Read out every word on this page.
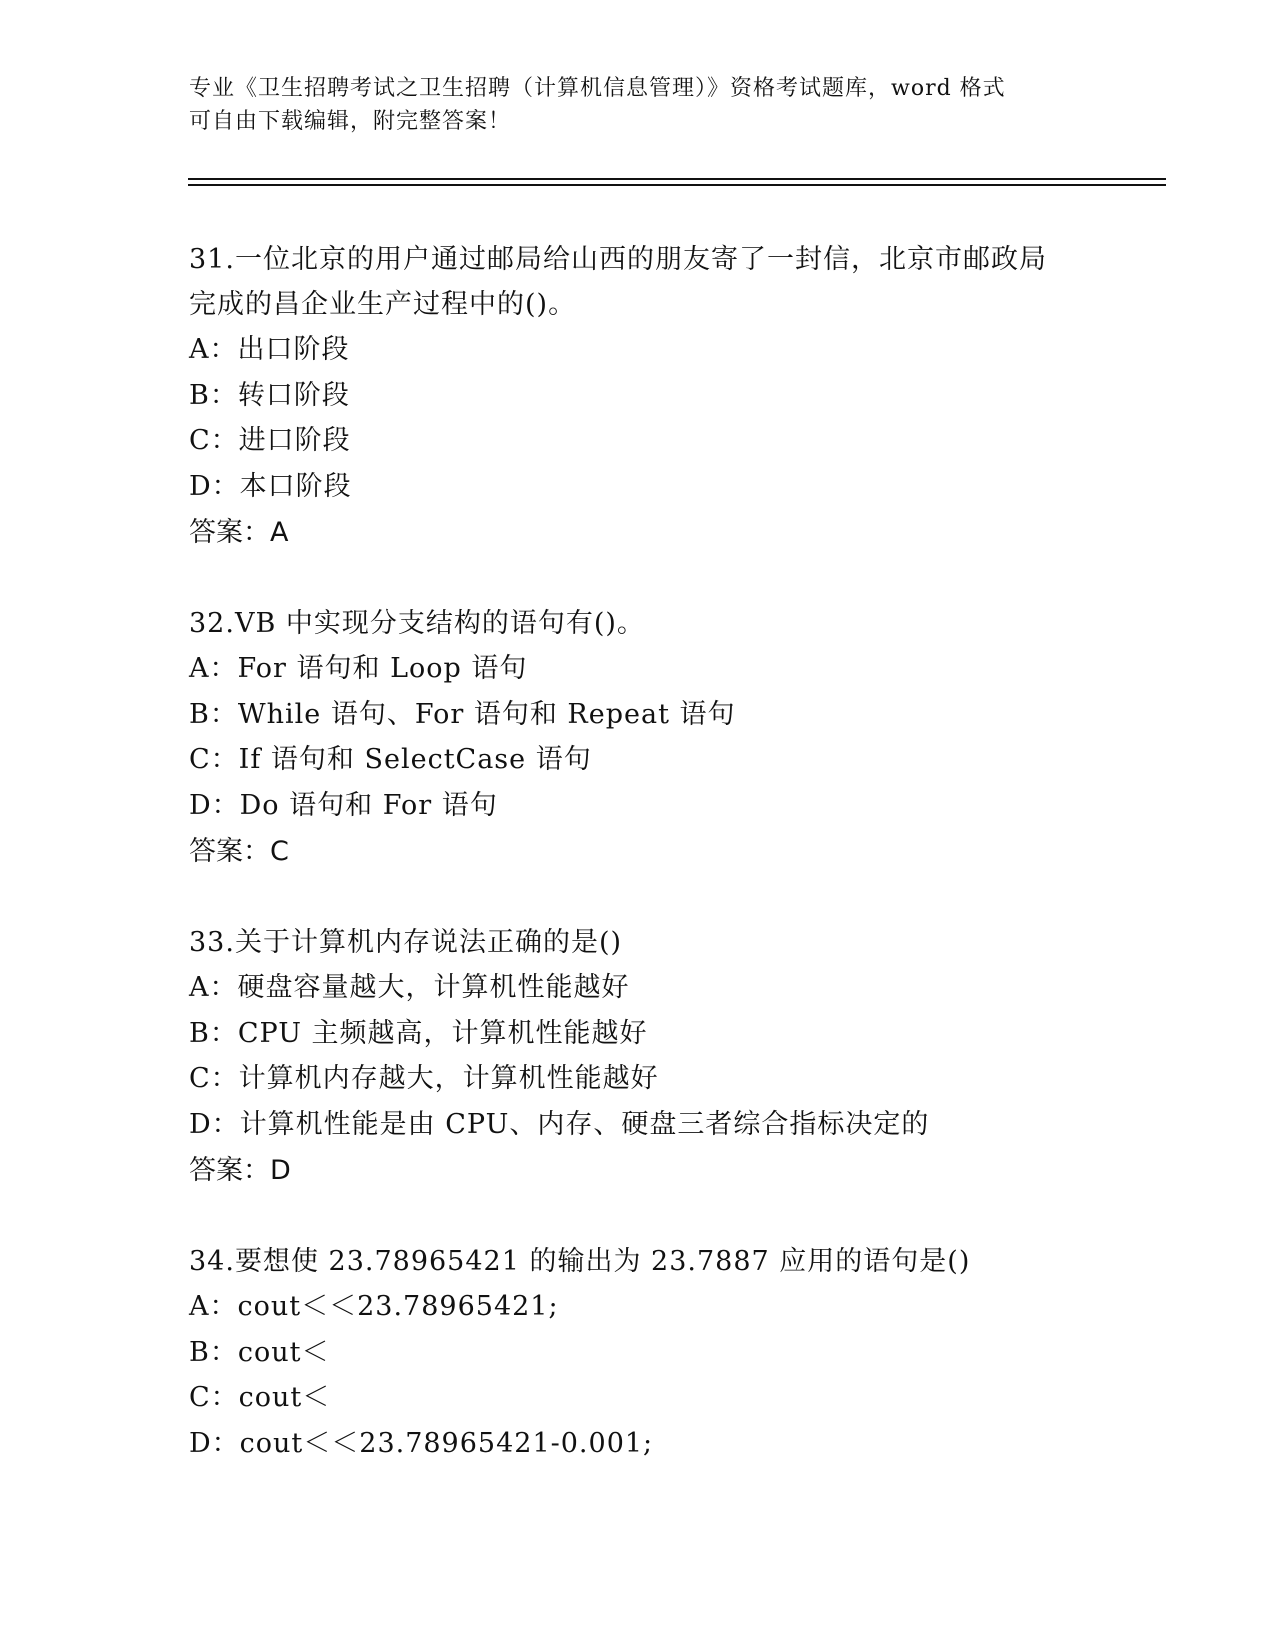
专业《卫生招聘考试之卫生招聘（计算机信息管理）》资格考试题库，word 格式
可自由下载编辑，附完整答案！
31.一位北京的用户通过邮局给山西的朋友寄了一封信，北京市邮政局
完成的昌企业生产过程中的()。
A：出口阶段
B：转口阶段
C：进口阶段
D：本口阶段
答案：A
32.VB 中实现分支结构的语句有()。
A：For 语句和 Loop 语句
B：While 语句、For 语句和 Repeat 语句
C：If 语句和 SelectCase 语句
D：Do 语句和 For 语句
答案：C
33.关于计算机内存说法正确的是()
A：硬盘容量越大，计算机性能越好
B：CPU 主频越高，计算机性能越好
C：计算机内存越大，计算机性能越好
D：计算机性能是由 CPU、内存、硬盘三者综合指标决定的
答案：D
34.要想使 23.78965421 的输出为 23.7887 应用的语句是()
A：cout＜＜23.78965421;
B：cout＜
C：cout＜
D：cout＜＜23.78965421-0.001;
